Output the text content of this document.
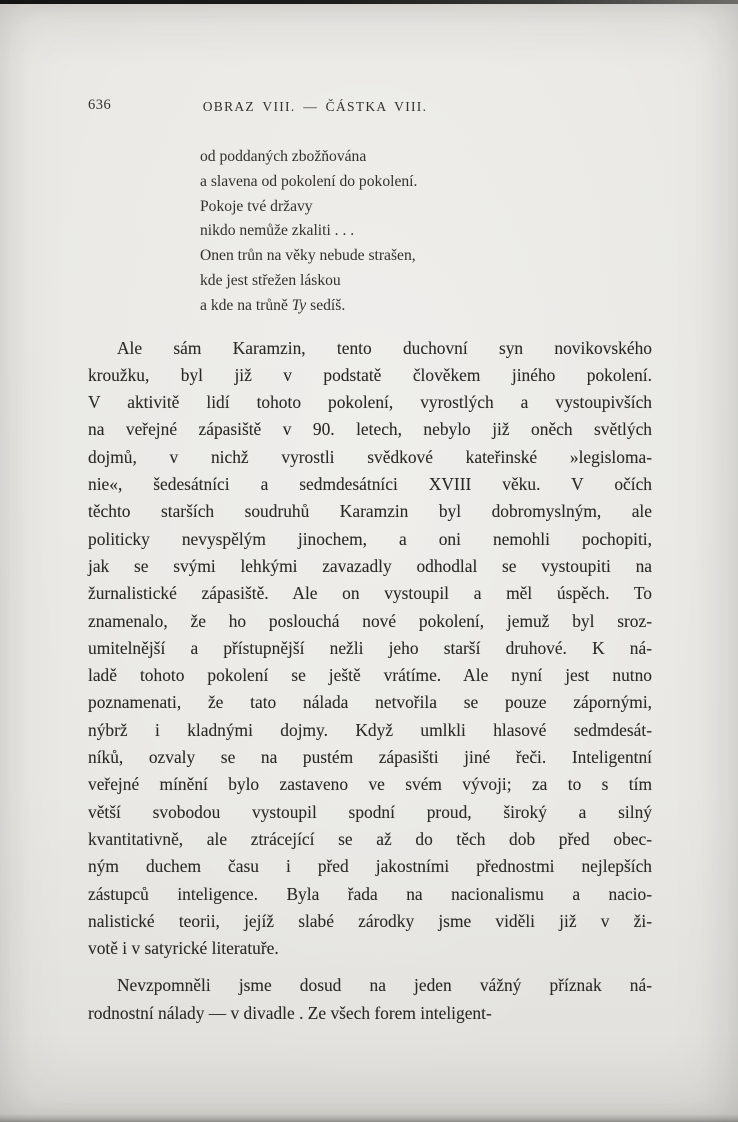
636	OBRAZ VIII. — ČÁSTKA VIII.
od poddaných zbožňována
a slavena od pokolení do pokolení.
Pokoje tvé državy
nikdo nemůže zkaliti . . .
Onen trůn na věky nebude strašen,
kde jest střežen láskou
a kde na trůně Ty sedíš.
Ale sám Karamzin, tento duchovní syn novikovského
kroužku, byl již v podstatě člověkem jiného pokolení.
V aktivitě lidí tohoto pokolení, vyrostlých a vystoupivších
na veřejné zápasiště v 90. letech, nebylo již oněch světlých
dojmů, v nichž vyrostli svědkové kateřinské »legisloma-
nie«, šedesátníci a sedmdesátníci XVIII věku. V očích
těchto starších soudruhů Karamzin byl dobromyslným, ale
politicky nevyspělým jinochem, a oni nemohli pochopiti,
jak se svými lehkými zavazadly odhodlal se vystoupiti na
žurnalistické zápasiště. Ale on vystoupil a měl úspěch. To
znamenalo, že ho poslouchá nové pokolení, jemuž byl sroz-
umitelnější a přístupnější nežli jeho starší druhové. K ná-
ladě tohoto pokolení se ještě vrátíme. Ale nyní jest nutno
poznamenati, že tato nálada netvořila se pouze zápornými,
nýbrž i kladnými dojmy. Když umlkli hlasové sedmdesát-
níků, ozvaly se na pustém zápasišti jiné řeči. Inteligentní
veřejné mínění bylo zastaveno ve svém vývoji; za to s tím
větší svobodou vystoupil spodní proud, široký a silný
kvantitativně, ale ztrácející se až do těch dob před obec-
ným duchem času i před jakostními přednostmi nejlepších
zástupců inteligence. Byla řada na nacionalismu a nacio-
nalistické teorii, jejíž slabé zárodky jsme viděli již v ži-
votě i v satyrické literatuře.
Nevzpomněli jsme dosud na jeden vážný příznak ná-
rodnostní nálady — v divadle . Ze všech forem inteligent-
